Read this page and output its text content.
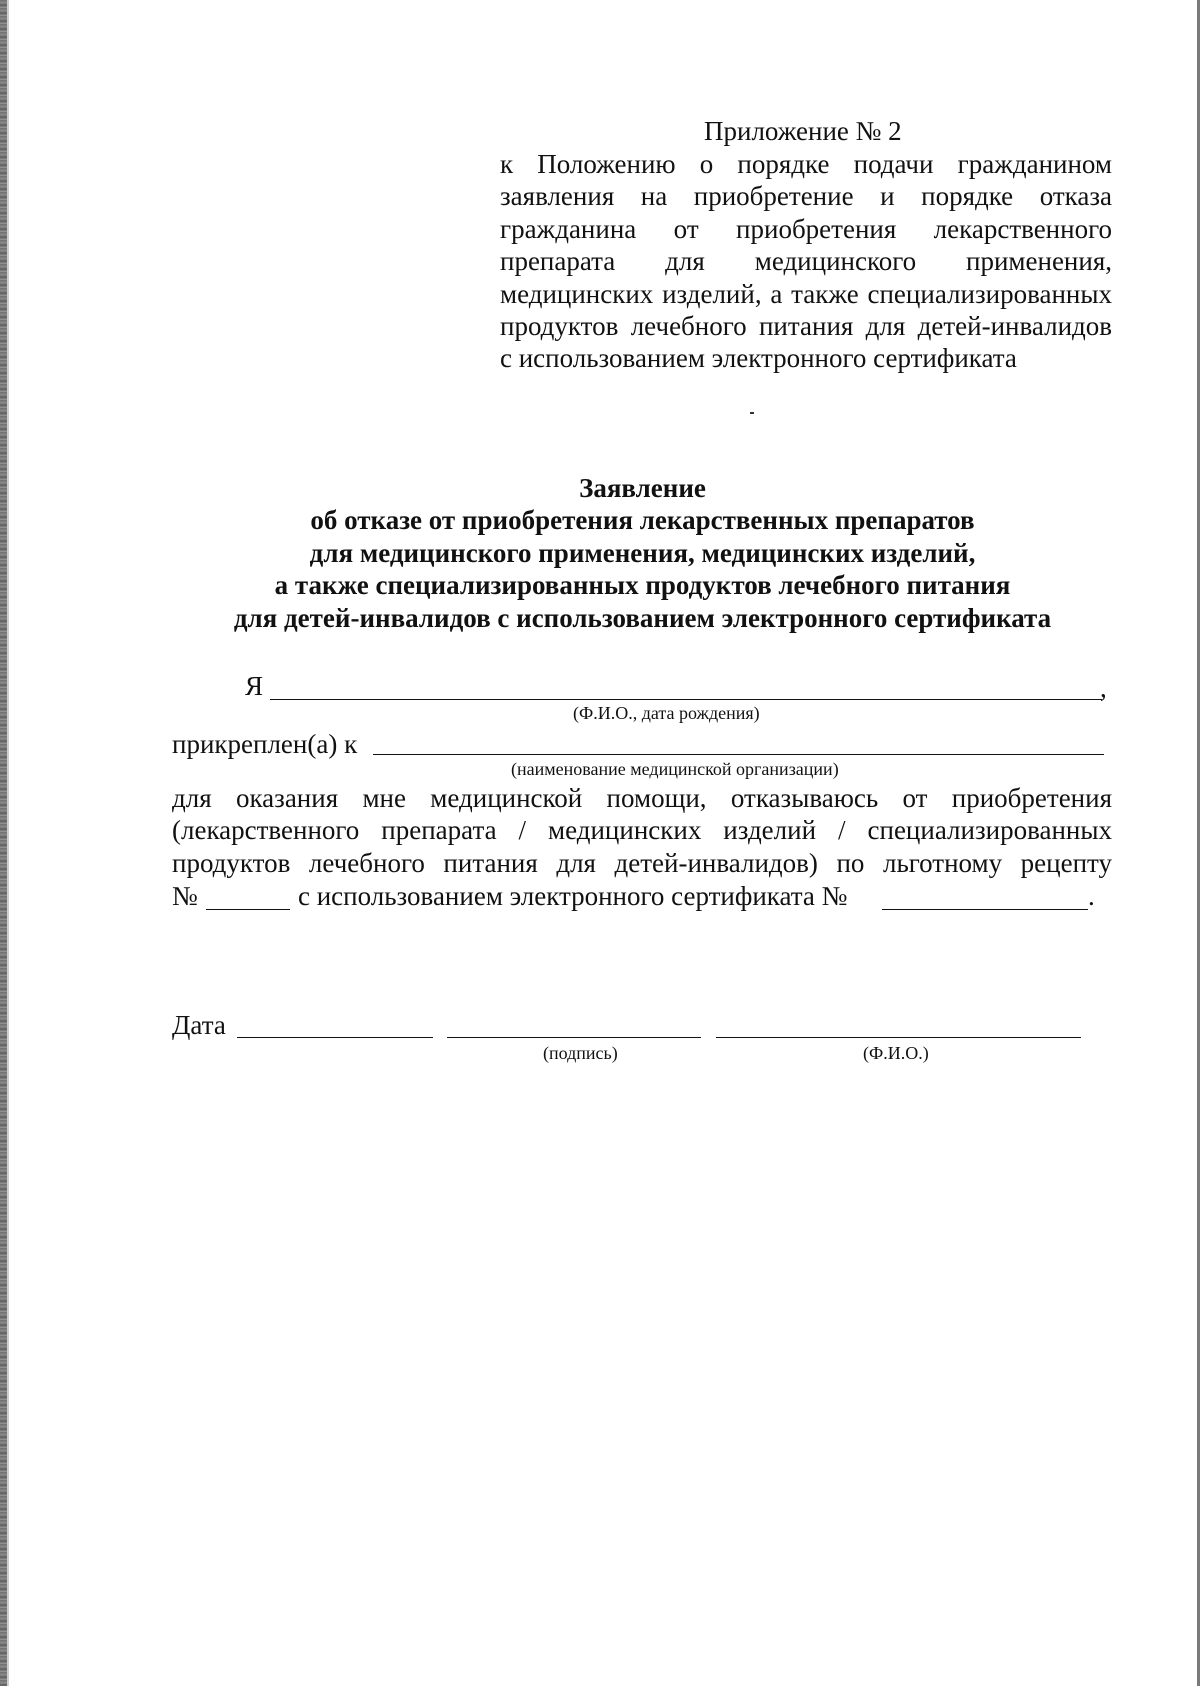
Приложение № 2
к Положению о порядке подачи гражданином
заявления на приобретение и порядке отказа
гражданина от приобретения лекарственного
препарата для медицинского применения,
медицинских изделий, а также специализированных
продуктов лечебного питания для детей-инвалидов
с использованием электронного сертификата
Заявление
об отказе от приобретения лекарственных препаратов
для медицинского применения, медицинских изделий,
а также специализированных продуктов лечебного питания
для детей-инвалидов с использованием электронного сертификата
Я	,
(Ф.И.О., дата рождения)
прикреплен(а) к
(наименование медицинской организации)
для оказания мне медицинской помощи, отказываюсь от приобретения
(лекарственного препарата / медицинских изделий / специализированных
продуктов лечебного питания для детей-инвалидов) по льготному рецепту
№	с использованием электронного сертификата №	.
Дата
(подпись)	(Ф.И.О.)
